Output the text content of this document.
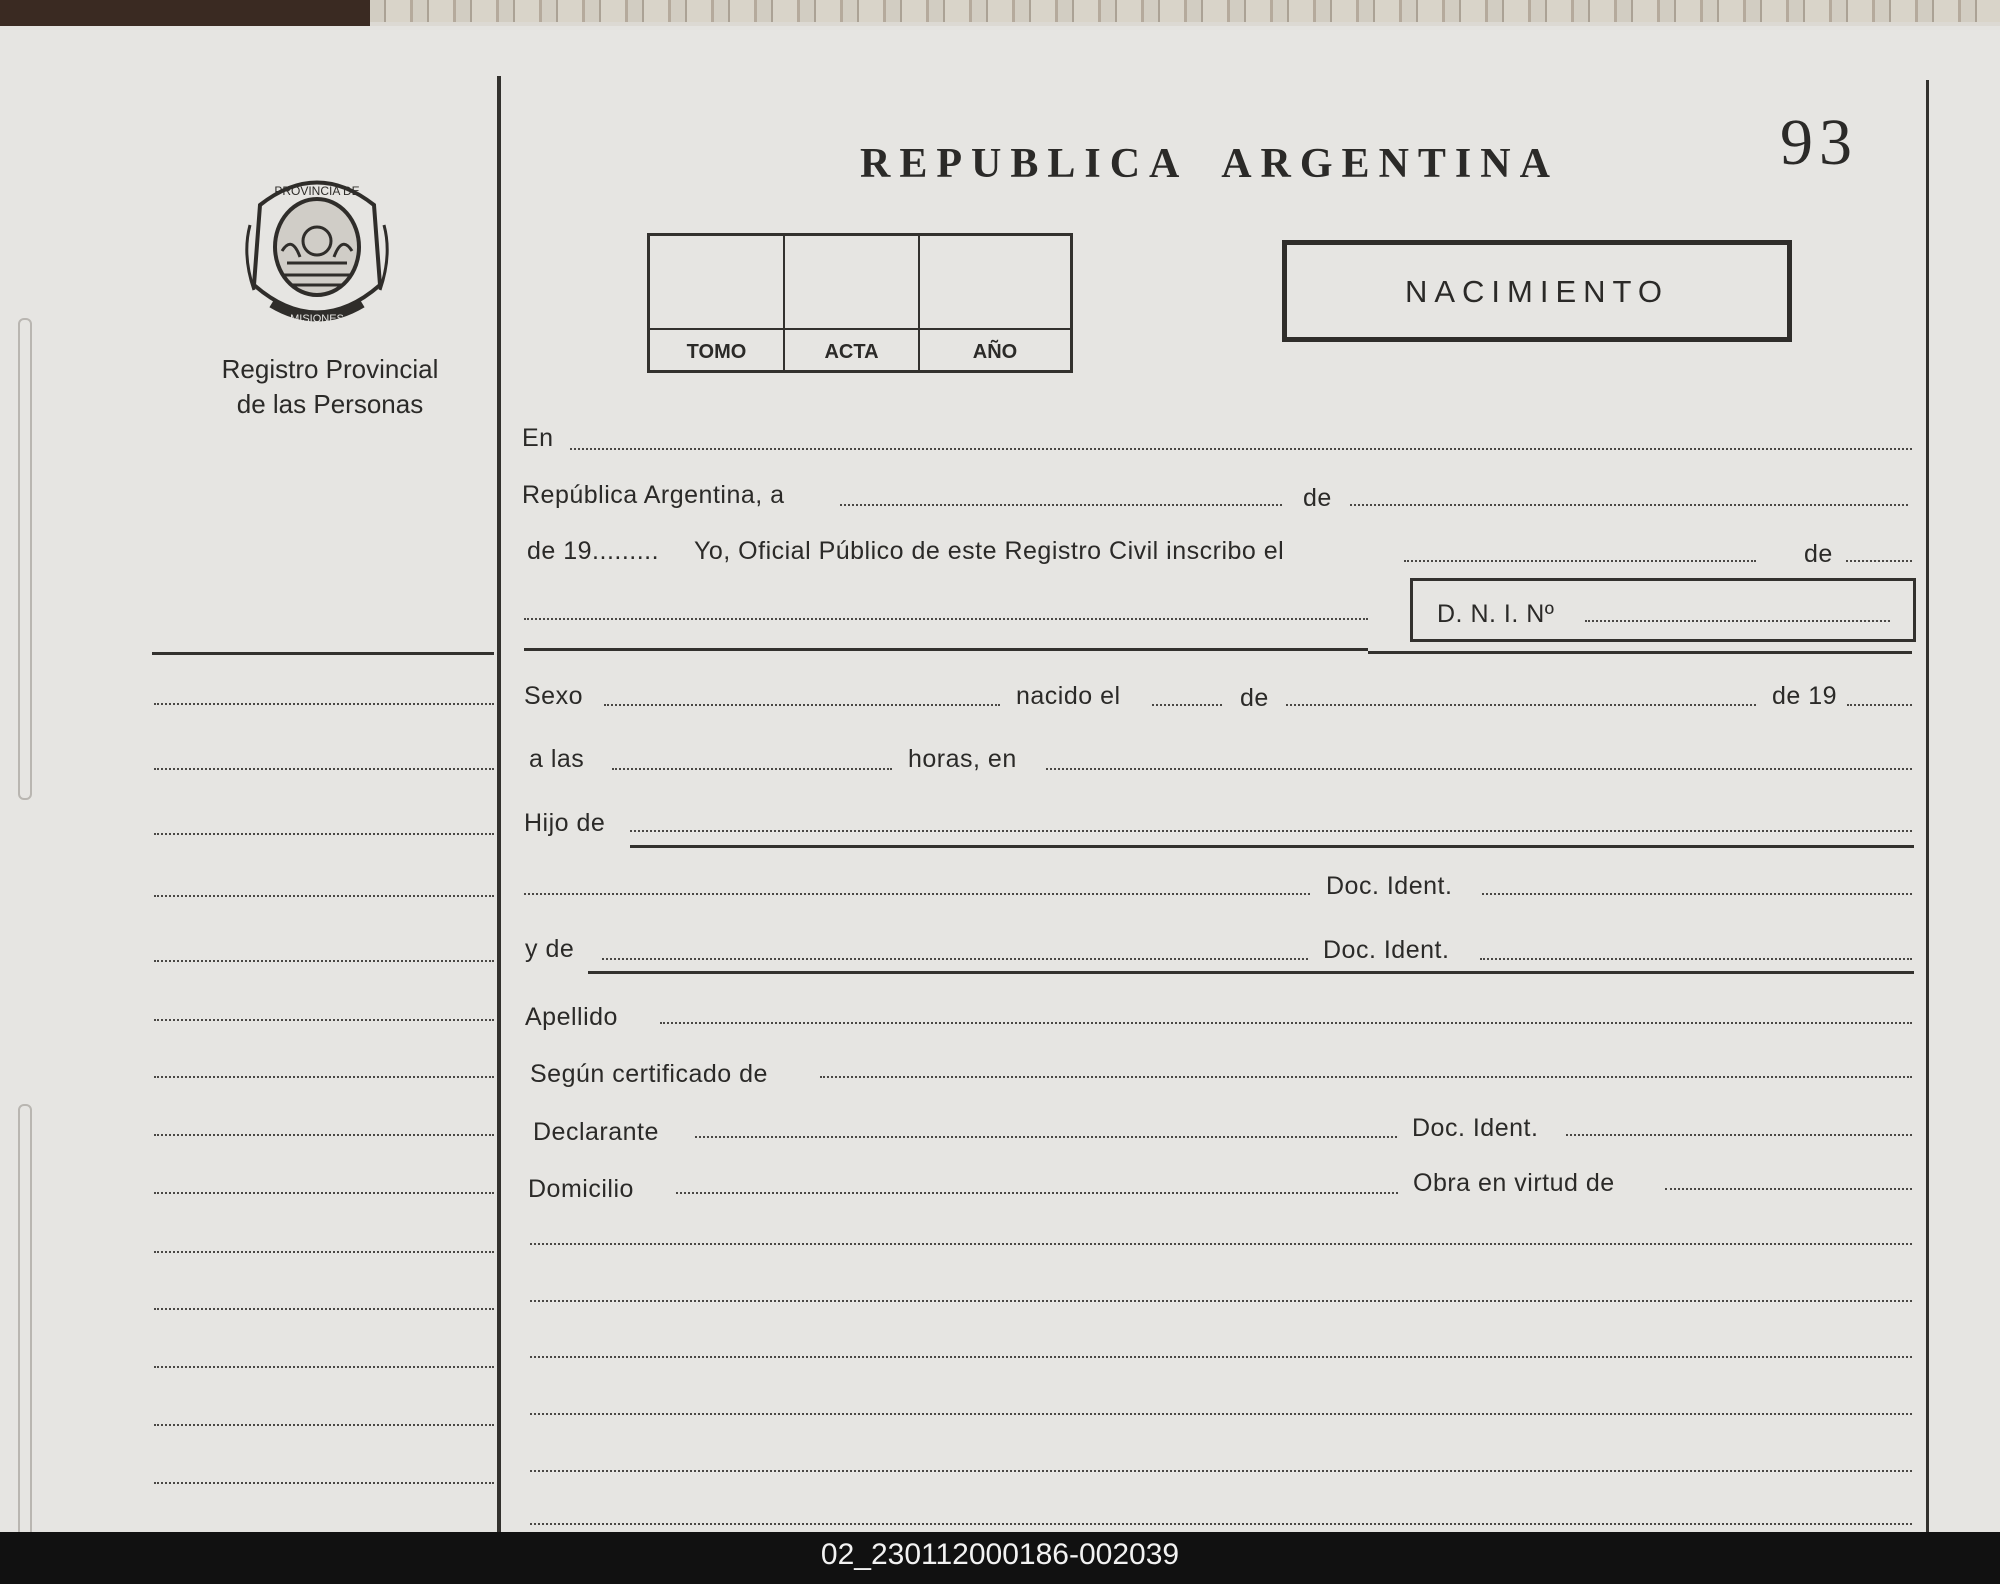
REPUBLICA ARGENTINA	93
PROVINCIA DE
MISIONES
Registro Provincial
de las Personas
TOMO	ACTA	AÑO
NACIMIENTO
En
República Argentina, a	de
de 19......... Yo, Oficial Público de este Registro Civil inscribo el	de
D. N. I. Nº
Sexo	nacido el	de	de 19
a las	horas, en
Hijo de
Doc. Ident.
y de	Doc. Ident.
Apellido
Según certificado de
Declarante	Doc. Ident.
Domicilio	Obra en virtud de
02_230112000186-002039
